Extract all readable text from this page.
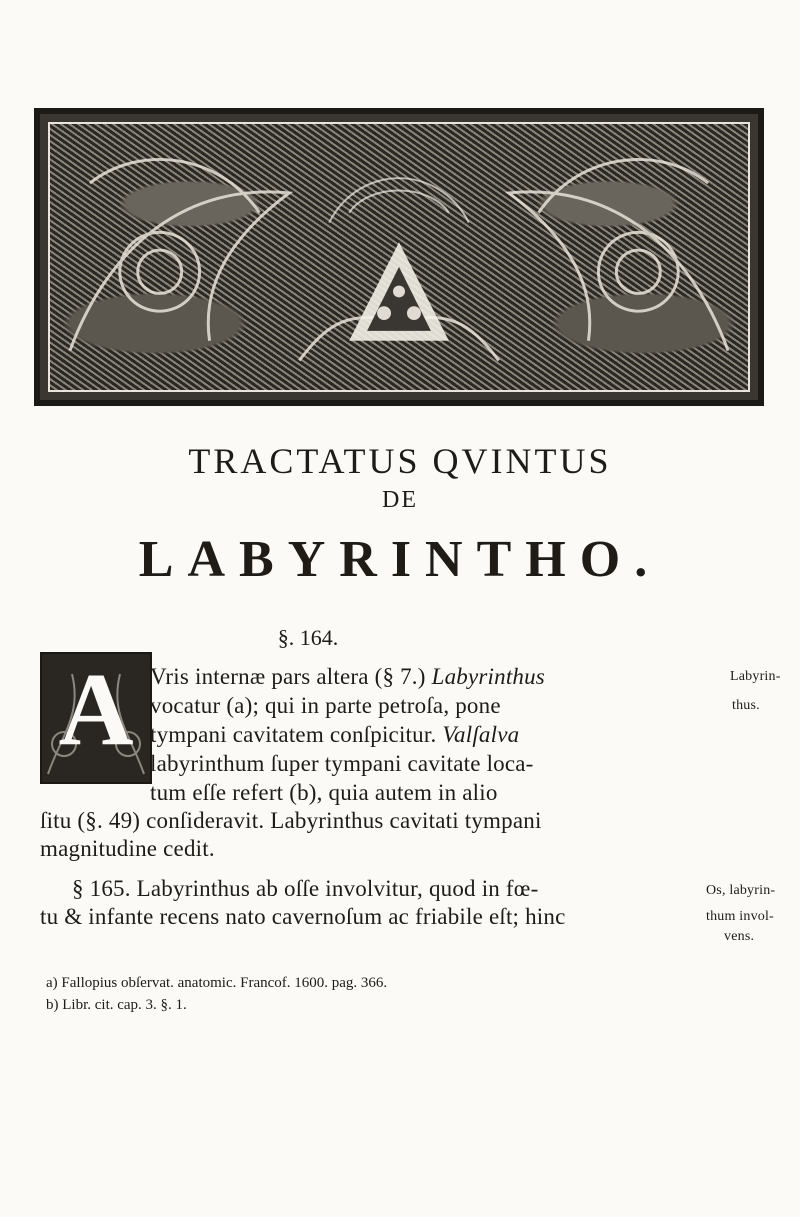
TRACTATUS QVINTUS
DE
LABYRINTHO.
§. 164.
A Vris internæ pars altera (§ 7.) Labyrinthus	Labyrin-
vocatur (a); qui in parte petroſa, pone	thus.
tympani cavitatem conſpicitur. Valſalva
labyrinthum ſuper tympani cavitate loca-
tum eſſe refert (b), quia autem in alio
ſitu (§. 49) conſideravit. Labyrinthus cavitati tympani
magnitudine cedit.
§ 165. Labyrinthus ab oſſe involvitur, quod in fœ-	Os, labyrin-
tu & infante recens nato cavernoſum ac friabile eſt; hinc	thum invol-
vens.
a) Fallopius obſervat. anatomic. Francof. 1600. pag. 366.
b) Libr. cit. cap. 3. §. 1.
